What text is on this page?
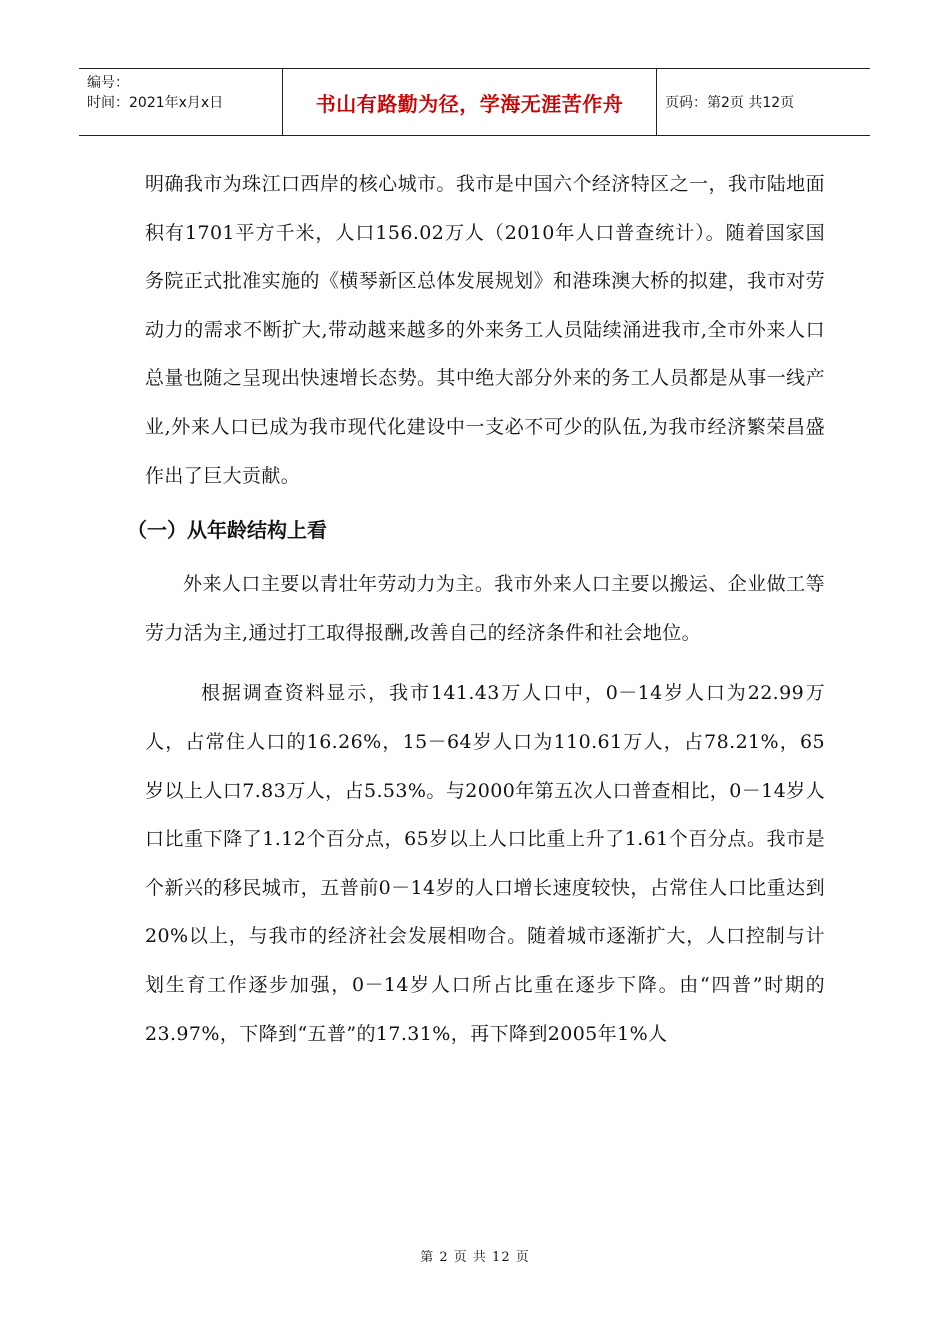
编号：
时间：2021年x月x日	书山有路勤为径，学海无涯苦作舟	页码：第2页 共12页

明确我市为珠江口西岸的核心城市。我市是中国六个经济特区之一，我市陆地面积有1701平方千米，人口156.02万人（2010年人口普查统计）。随着国家国务院正式批准实施的《横琴新区总体发展规划》和港珠澳大桥的拟建，我市对劳动力的需求不断扩大,带动越来越多的外来务工人员陆续涌进我市,全市外来人口总量也随之呈现出快速增长态势。其中绝大部分外来的务工人员都是从事一线产业,外来人口已成为我市现代化建设中一支必不可少的队伍,为我市经济繁荣昌盛作出了巨大贡献。

（一）从年龄结构上看

外来人口主要以青壮年劳动力为主。我市外来人口主要以搬运、企业做工等劳力活为主,通过打工取得报酬,改善自己的经济条件和社会地位。

根据调查资料显示，我市141.43万人口中，0－14岁人口为22.99万人，占常住人口的16.26%，15－64岁人口为110.61万人，占78.21%，65岁以上人口7.83万人，占5.53%。与2000年第五次人口普查相比，0－14岁人口比重下降了1.12个百分点，65岁以上人口比重上升了1.61个百分点。我市是个新兴的移民城市，五普前0－14岁的人口增长速度较快，占常住人口比重达到20%以上，与我市的经济社会发展相吻合。随着城市逐渐扩大，人口控制与计划生育工作逐步加强，0－14岁人口所占比重在逐步下降。由“四普”时期的23.97%，下降到“五普”的17.31%，再下降到2005年1%人

第 2 页 共 12 页
